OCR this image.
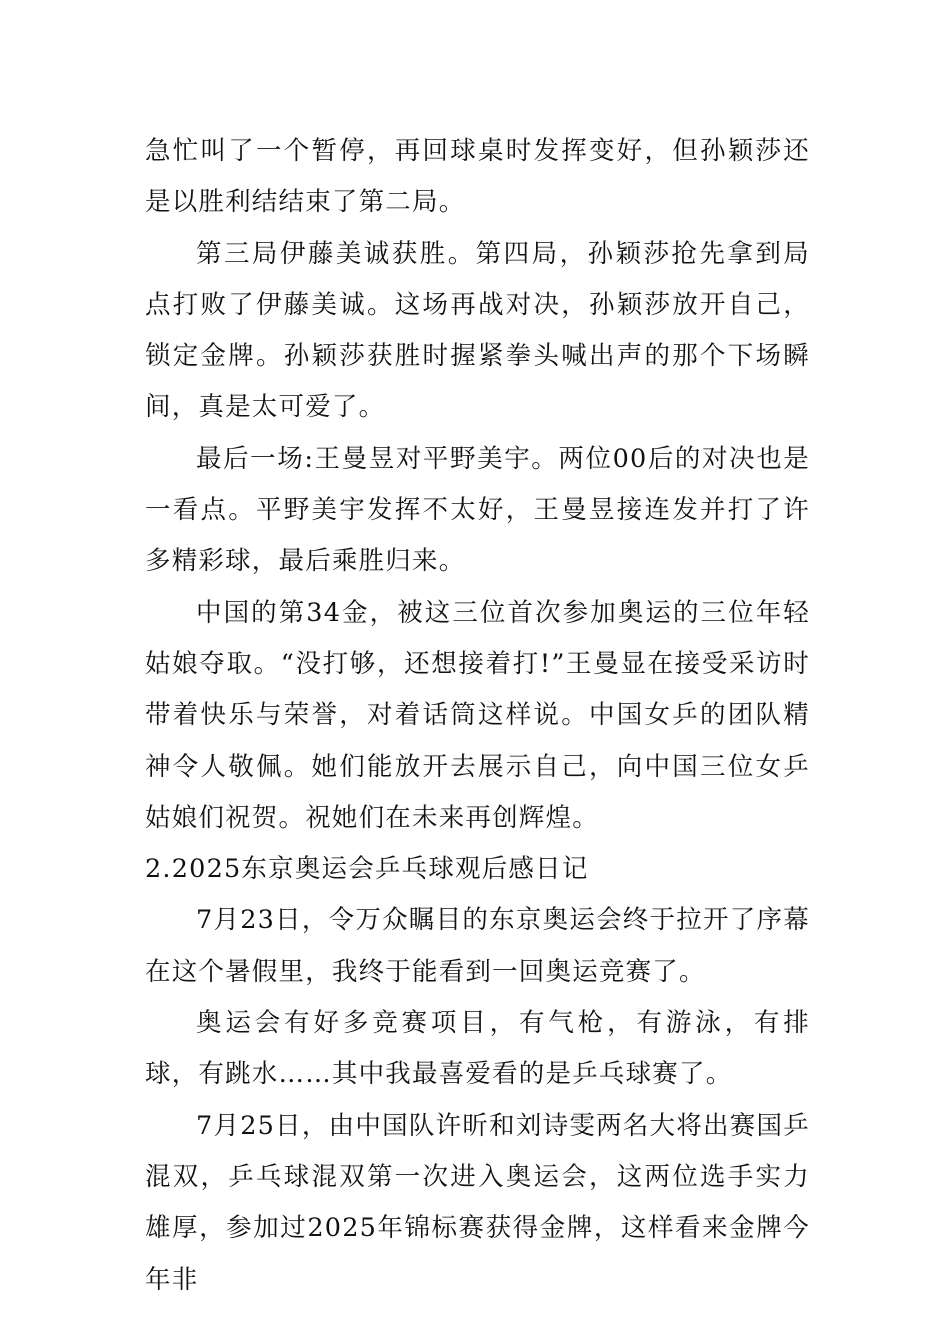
急忙叫了一个暂停，再回球桌时发挥变好，但孙颖莎还是以胜利结结束了第二局。

第三局伊藤美诚获胜。第四局，孙颖莎抢先拿到局点打败了伊藤美诚。这场再战对决，孙颖莎放开自己，锁定金牌。孙颖莎获胜时握紧拳头喊出声的那个下场瞬间，真是太可爱了。

最后一场:王曼昱对平野美宇。两位00后的对决也是一看点。平野美宇发挥不太好，王曼昱接连发并打了许多精彩球，最后乘胜归来。

中国的第34金，被这三位首次参加奥运的三位年轻姑娘夺取。“没打够，还想接着打!”王曼显在接受采访时带着快乐与荣誉，对着话筒这样说。中国女乒的团队精神令人敬佩。她们能放开去展示自己，向中国三位女乒姑娘们祝贺。祝她们在未来再创辉煌。

2.2025东京奥运会乒乓球观后感日记

7月23日，令万众瞩目的东京奥运会终于拉开了序幕在这个暑假里，我终于能看到一回奥运竞赛了。

奥运会有好多竞赛项目，有气枪，有游泳，有排球，有跳水……其中我最喜爱看的是乒乓球赛了。

7月25日，由中国队许昕和刘诗雯两名大将出赛国乒混双，乒乓球混双第一次进入奥运会，这两位选手实力雄厚，参加过2025年锦标赛获得金牌，这样看来金牌今年非
